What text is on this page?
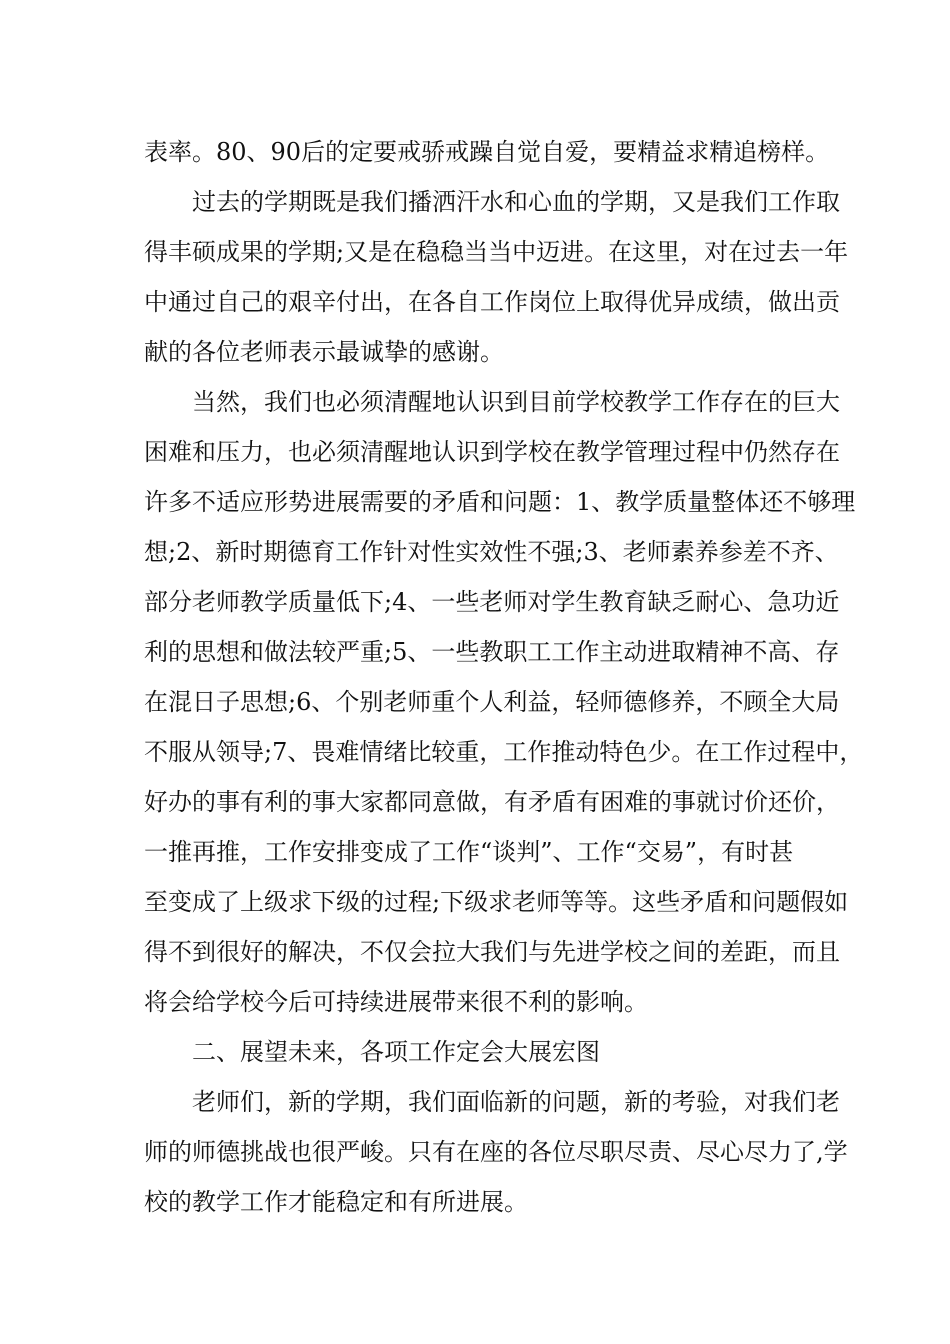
表率。80、90后的定要戒骄戒躁自觉自爱，要精益求精追榜样。

过去的学期既是我们播洒汗水和心血的学期，又是我们工作取

得丰硕成果的学期;又是在稳稳当当中迈进。在这里，对在过去一年

中通过自己的艰辛付出，在各自工作岗位上取得优异成绩，做出贡

献的各位老师表示最诚挚的感谢。

当然，我们也必须清醒地认识到目前学校教学工作存在的巨大

困难和压力，也必须清醒地认识到学校在教学管理过程中仍然存在

许多不适应形势进展需要的矛盾和问题：1、教学质量整体还不够理

想;2、新时期德育工作针对性实效性不强;3、老师素养参差不齐、

部分老师教学质量低下;4、一些老师对学生教育缺乏耐心、急功近

利的思想和做法较严重;5、一些教职工工作主动进取精神不高、存

在混日子思想;6、个别老师重个人利益，轻师德修养，不顾全大局

不服从领导;7、畏难情绪比较重，工作推动特色少。在工作过程中，

好办的事有利的事大家都同意做，有矛盾有困难的事就讨价还价，

一推再推，工作安排变成了工作“谈判”、工作“交易”，有时甚

至变成了上级求下级的过程;下级求老师等等。这些矛盾和问题假如

得不到很好的解决，不仅会拉大我们与先进学校之间的差距，而且

将会给学校今后可持续进展带来很不利的影响。

二、展望未来，各项工作定会大展宏图

老师们，新的学期，我们面临新的问题，新的考验，对我们老

师的师德挑战也很严峻。只有在座的各位尽职尽责、尽心尽力了,学

校的教学工作才能稳定和有所进展。
